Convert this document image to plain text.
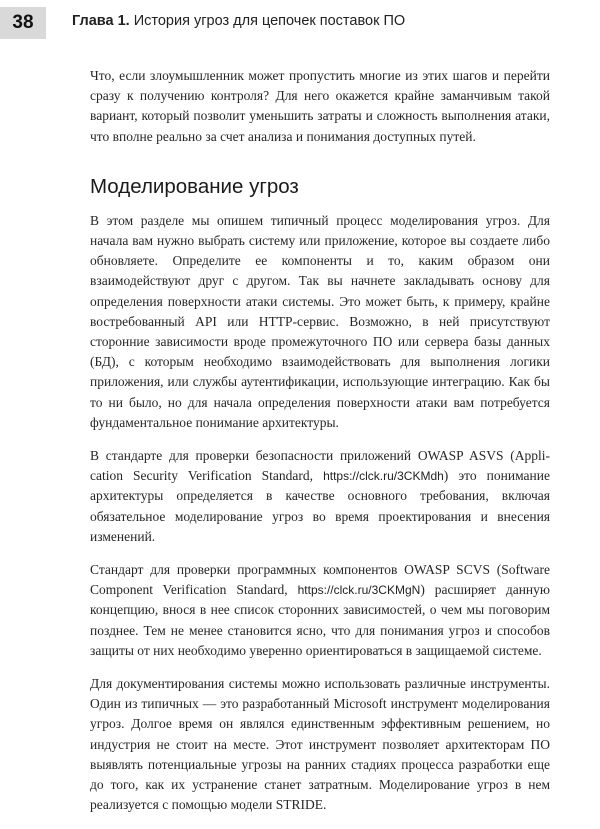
38	Глава 1. История угроз для цепочек поставок ПО

Что, если злоумышленник может пропустить многие из этих шагов и перейти сразу к получению контроля? Для него окажется крайне заманчивым такой вариант, который позволит уменьшить затраты и сложность выполнения атаки, что вполне реально за счет анализа и понимания доступных путей.

Моделирование угроз

В этом разделе мы опишем типичный процесс моделирования угроз. Для начала вам нужно выбрать систему или приложение, которое вы создаете либо обновляете. Определите ее компоненты и то, каким образом они взаимодействуют друг с другом. Так вы начнете закладывать основу для определения поверхности атаки системы. Это может быть, к примеру, крайне востребованный API или HTTP-сервис. Возможно, в ней присутствуют сторонние зависимости вроде промежуточного ПО или сервера базы данных (БД), с которым необходимо взаимодействовать для выполнения логики приложения, или службы аутентификации, использующие интеграцию. Как бы то ни было, но для начала определения поверхности атаки вам потребуется фундаментальное понимание архитектуры.

В стандарте для проверки безопасности приложений OWASP ASVS (Application Security Verification Standard, https://clck.ru/3CKMdh) это понимание архитектуры определяется в качестве основного требования, включая обязательное моделирование угроз во время проектирования и внесения изменений.

Стандарт для проверки программных компонентов OWASP SCVS (Software Component Verification Standard, https://clck.ru/3CKMgN) расширяет данную концепцию, внося в нее список сторонних зависимостей, о чем мы поговорим позднее. Тем не менее становится ясно, что для понимания угроз и способов защиты от них необходимо уверенно ориентироваться в защищаемой системе.

Для документирования системы можно использовать различные инструменты. Один из типичных — это разработанный Microsoft инструмент моделирования угроз. Долгое время он являлся единственным эффективным решением, но индустрия не стоит на месте. Этот инструмент позволяет архитекторам ПО выявлять потенциальные угрозы на ранних стадиях процесса разработки еще до того, как их устранение станет затратным. Моделирование угроз в нем реализуется с помощью модели STRIDE.
